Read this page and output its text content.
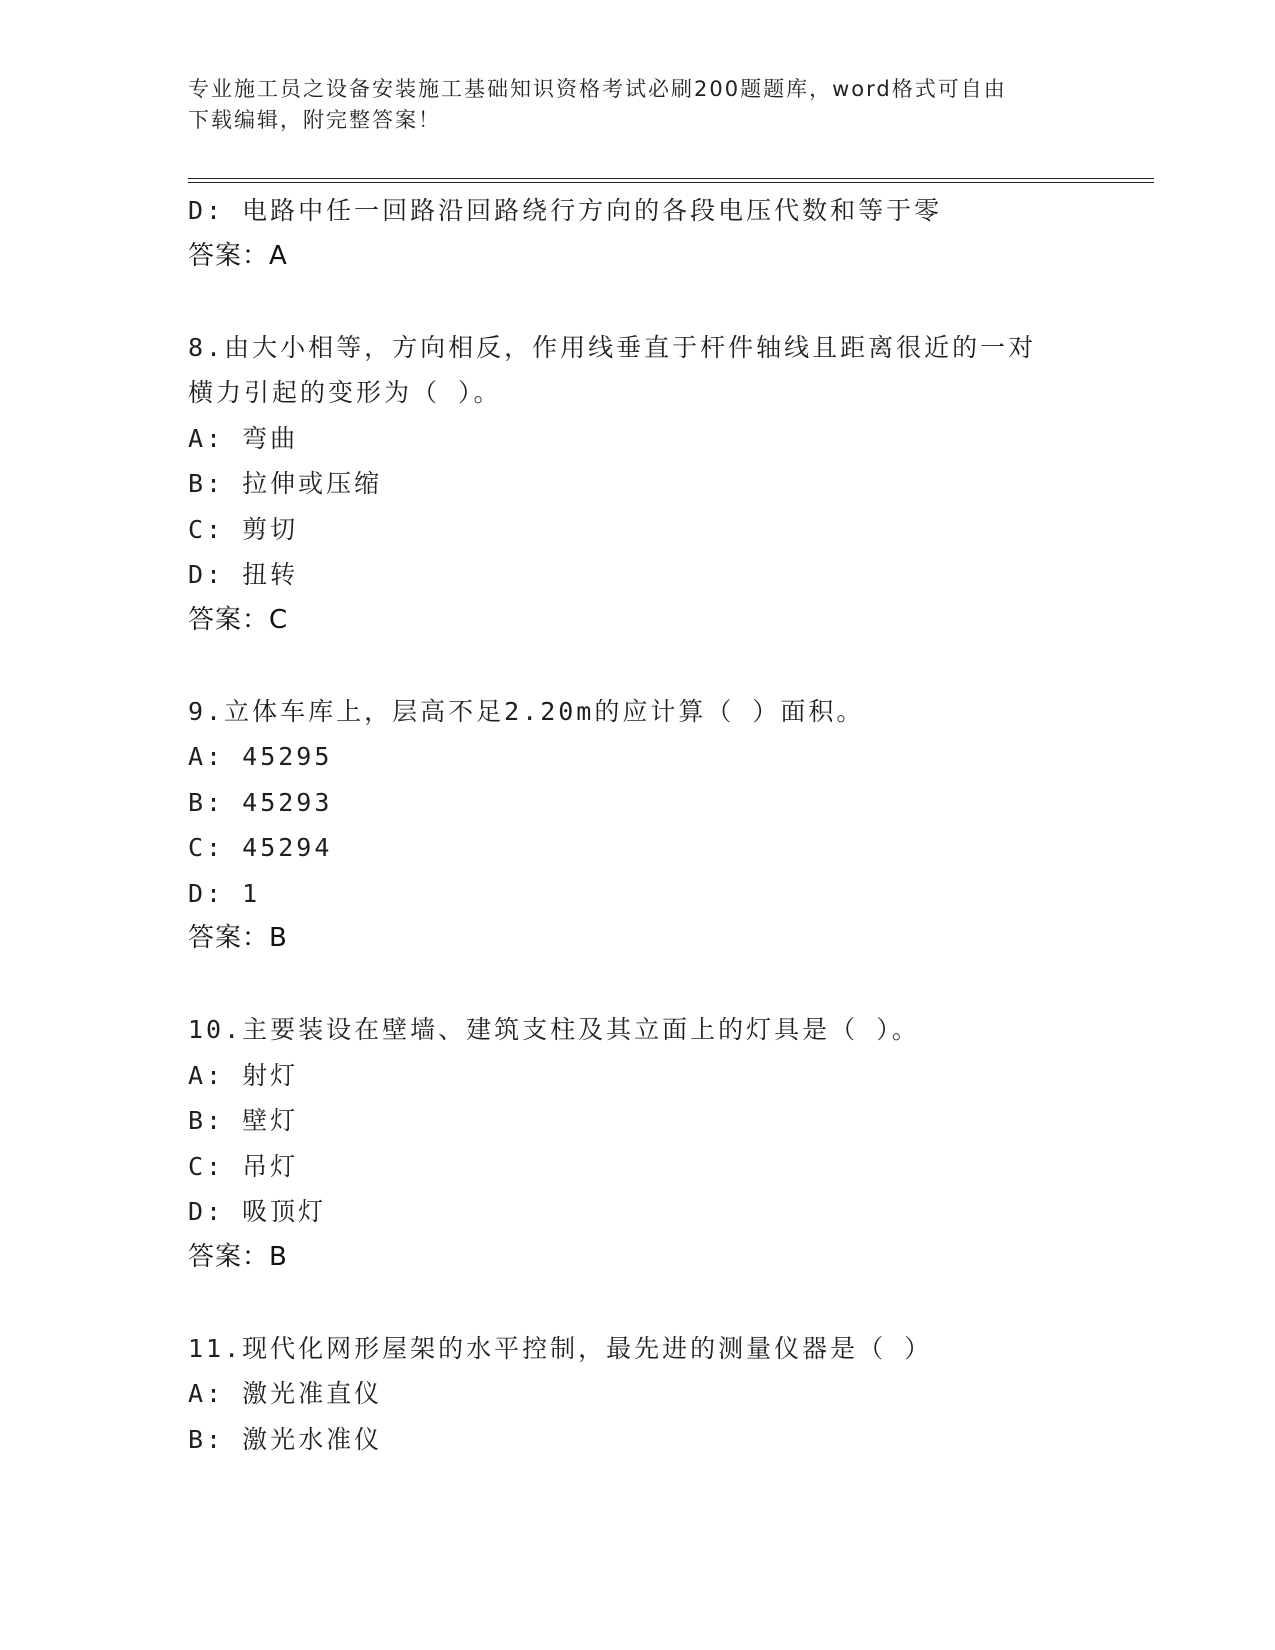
专业施工员之设备安装施工基础知识资格考试必刷200题题库，word格式可自由
下载编辑，附完整答案！
D: 电路中任一回路沿回路绕行方向的各段电压代数和等于零
答案：A
8.由大小相等，方向相反，作用线垂直于杆件轴线且距离很近的一对
横力引起的变形为（ ）。
A: 弯曲
B: 拉伸或压缩
C: 剪切
D: 扭转
答案：C
9.立体车库上，层高不足2.20m的应计算（ ）面积。
A: 45295
B: 45293
C: 45294
D: 1
答案：B
10.主要装设在壁墙、建筑支柱及其立面上的灯具是（ ）。
A: 射灯
B: 壁灯
C: 吊灯
D: 吸顶灯
答案：B
11.现代化网形屋架的水平控制，最先进的测量仪器是（ ）
A: 激光准直仪
B: 激光水准仪
